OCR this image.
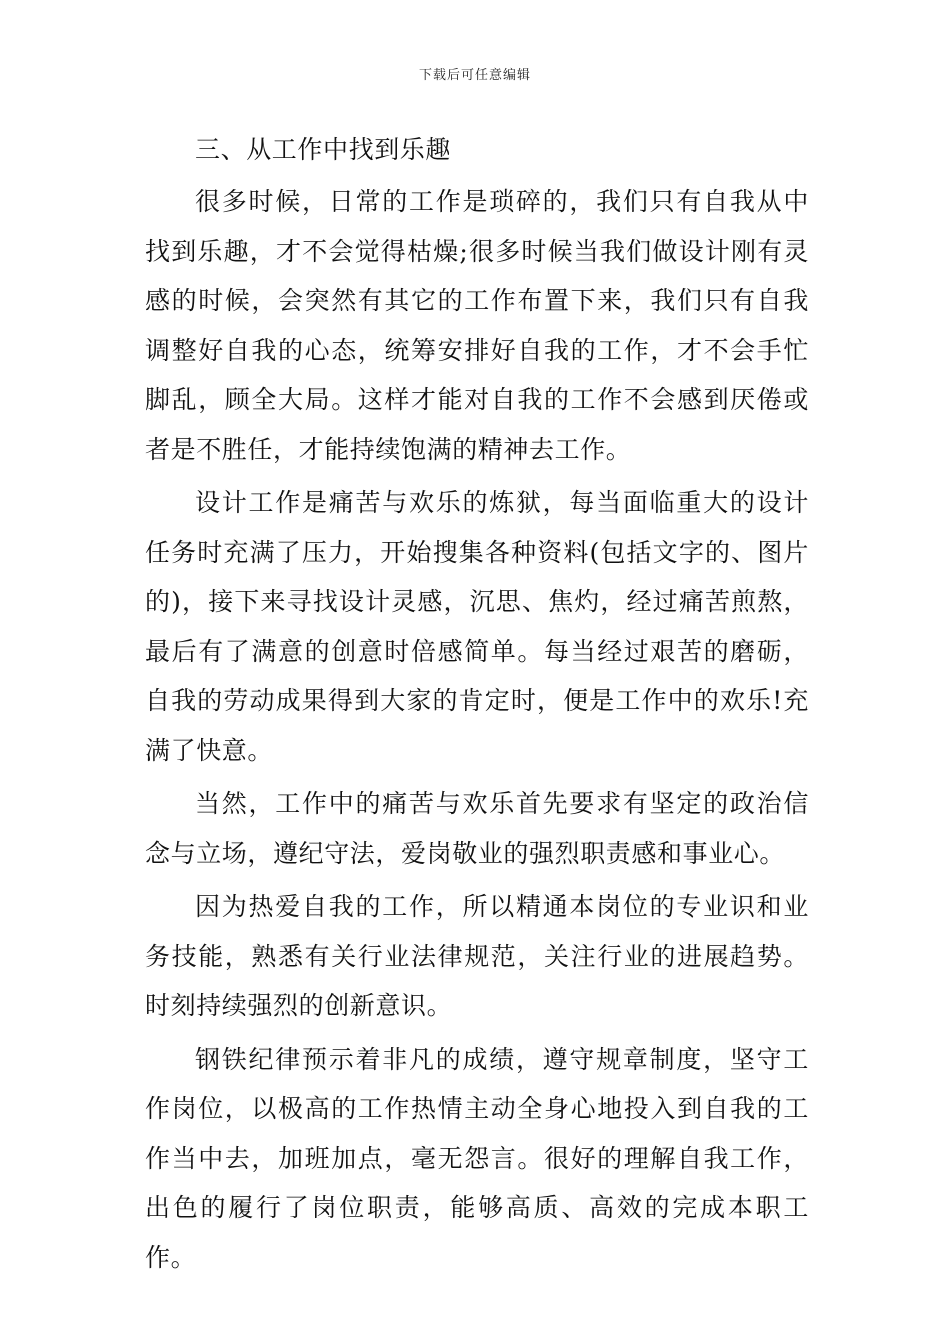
下载后可任意编辑

三、从工作中找到乐趣

很多时候，日常的工作是琐碎的，我们只有自我从中找到乐趣，才不会觉得枯燥;很多时候当我们做设计刚有灵感的时候，会突然有其它的工作布置下来，我们只有自我调整好自我的心态，统筹安排好自我的工作，才不会手忙脚乱，顾全大局。这样才能对自我的工作不会感到厌倦或者是不胜任，才能持续饱满的精神去工作。

设计工作是痛苦与欢乐的炼狱，每当面临重大的设计任务时充满了压力，开始搜集各种资料(包括文字的、图片的)，接下来寻找设计灵感，沉思、焦灼，经过痛苦煎熬，最后有了满意的创意时倍感简单。每当经过艰苦的磨砺，自我的劳动成果得到大家的肯定时，便是工作中的欢乐!充满了快意。

当然，工作中的痛苦与欢乐首先要求有坚定的政治信念与立场，遵纪守法，爱岗敬业的强烈职责感和事业心。

因为热爱自我的工作，所以精通本岗位的专业识和业务技能，熟悉有关行业法律规范，关注行业的进展趋势。时刻持续强烈的创新意识。

钢铁纪律预示着非凡的成绩，遵守规章制度，坚守工作岗位，以极高的工作热情主动全身心地投入到自我的工作当中去，加班加点，毫无怨言。很好的理解自我工作，出色的履行了岗位职责，能够高质、高效的完成本职工作。
